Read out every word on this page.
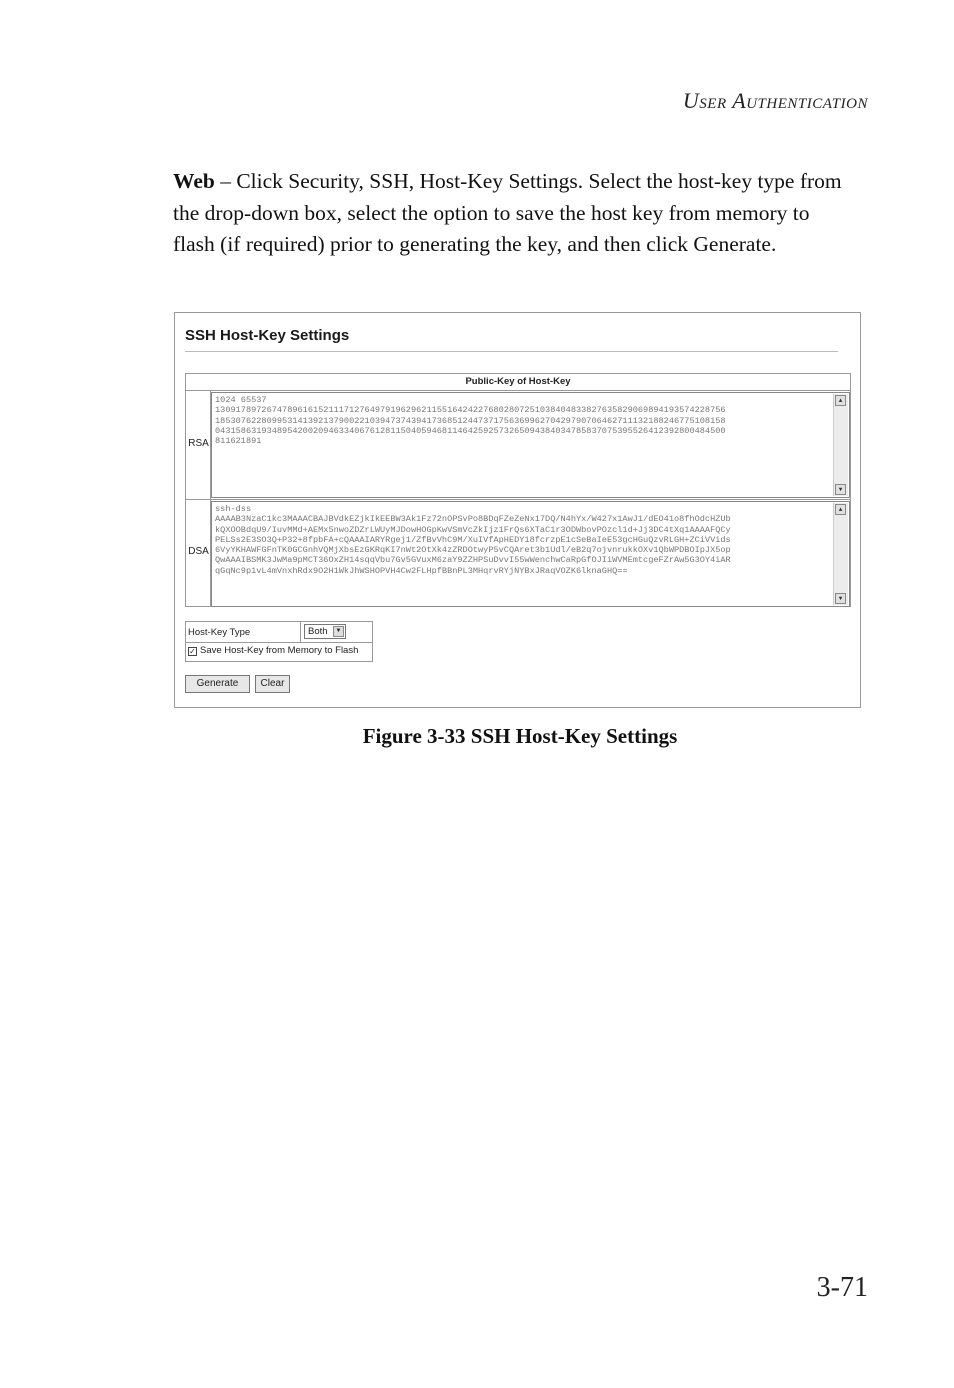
USER AUTHENTICATION
Web – Click Security, SSH, Host-Key Settings. Select the host-key type from the drop-down box, select the option to save the host key from memory to flash (if required) prior to generating the key, and then click Generate.
SSH Host-Key Settings
Public-Key of Host-Key
RSA
1024 65537
130917897267478961615211171276497919629621155164242276802807251038404833827635829069894193574228756
185307622809953141392137900221039473743941736851244737175636996270429790706462711132188246775108158
043158631934895420020946334067612811504059468114642592573265094384034785837075395526412392800484500
811621891
▲
▼
DSA
ssh-dss
AAAAB3NzaC1kc3MAAACBAJBVdkEZjkIkEEBW3Ak1Fz72nOPSvPo8BDqFZeZeNx17DQ/N4hYx/W427x1AwJ1/dEO41o8fhOdcHZUb
kQXOOBdqU9/IuvMMd+AEMx5nwoZDZrLWUyMJDowHOGpKwVSmVcZkIjz1FrQs6XTaC1r3ODWbovPOzcl1d+Jj3DC4tXq1AAAAFQCy
PELSs2E3SO3Q+P32+8fpbFA+cQAAAIARYRgej1/ZfBvVhC9M/XuIVfApHEDY18fcrzpE1cSeBaIeE53gcHGuQzvRLGH+ZCiVVids
6VyYKHAWFGFnTK0GCGnhVQMjXbsEzGKRqKI7nWt2OtXk4zZRDOtwyP5vCQAret3b1Udl/eB2q7ojvnrukkOXv1QbWPDBOIpJX5op
QwAAAIBSMK3JwMa9pMCT36OxZH14sqqVbu7Gv5GVuxM6zaY9ZZHPSuDvvI55wWenchwCaRpGfOJIiWVMEmtcgeFZrAw5G3OY4iAR
qGqNc9p1vL4mVnxhRdx9O2H1WkJhWSHOPVH4Cw2FLHpfBBnPL3MHqrvRYjNYBxJRaqVOZK6lknaGHQ==
▲
▼
Host-Key Type	Both	▼
✓ Save Host-Key from Memory to Flash
Generate	Clear
Figure 3-33 SSH Host-Key Settings
3-71
